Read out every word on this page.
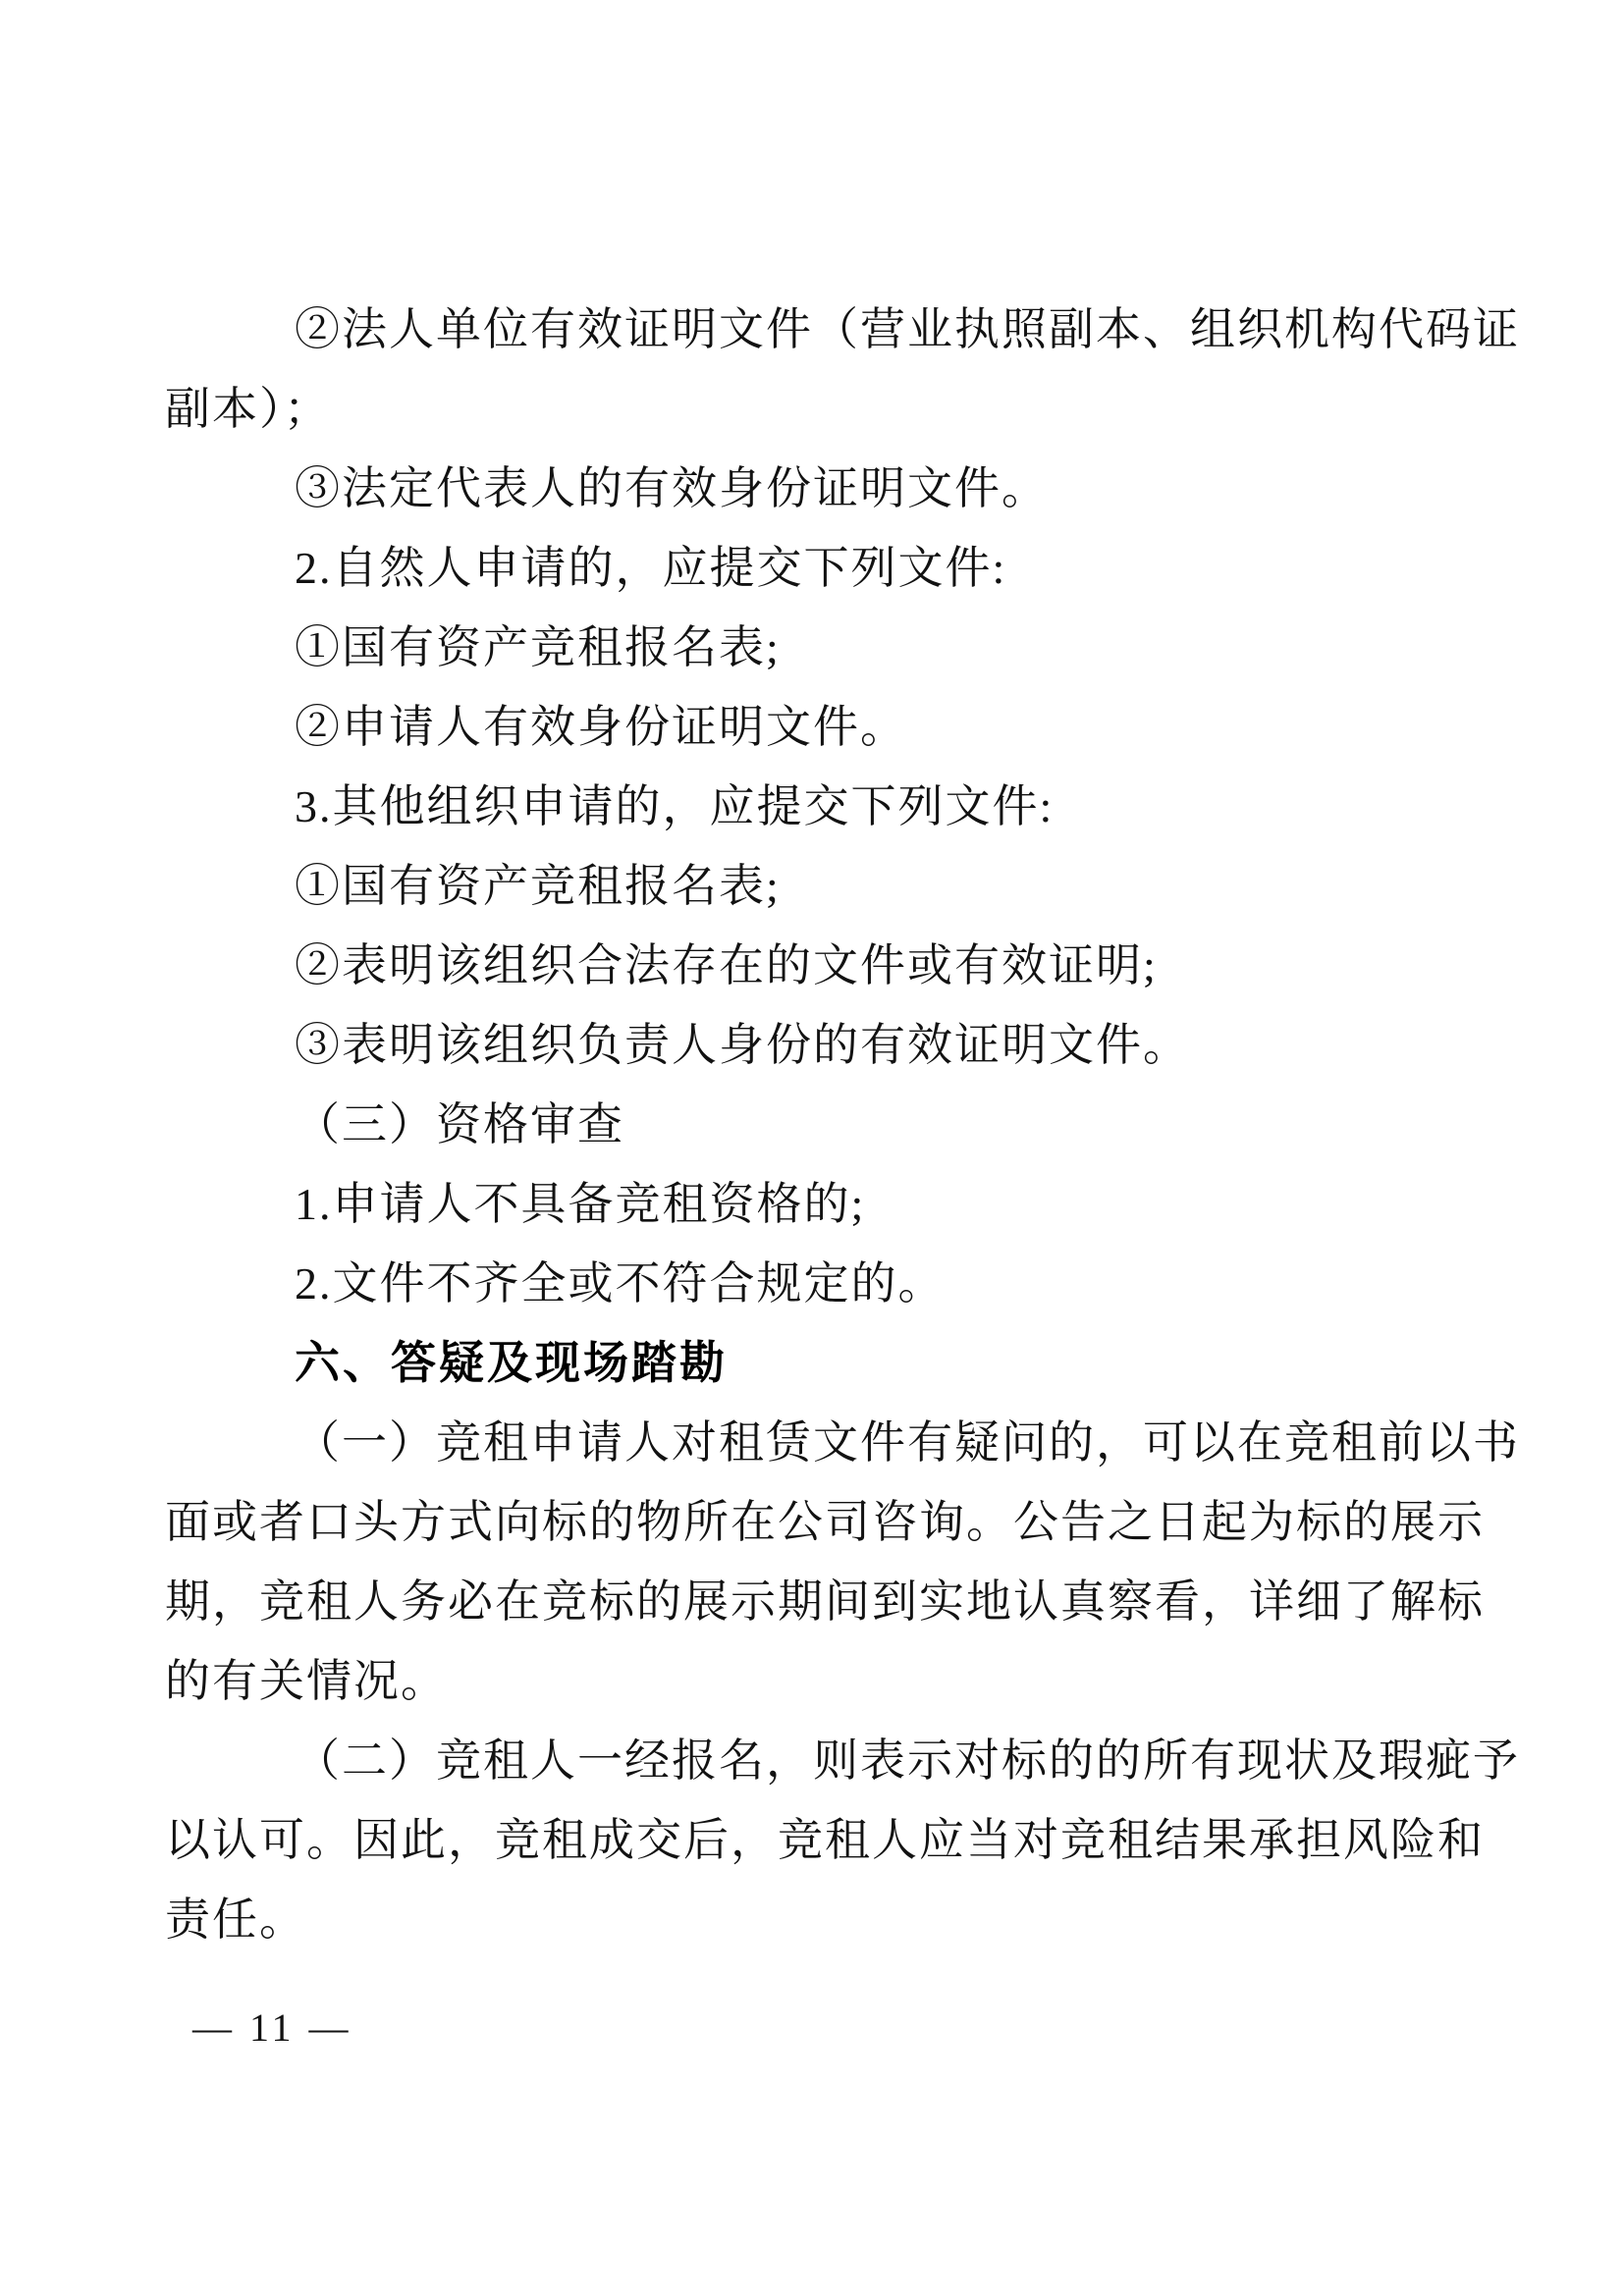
②法人单位有效证明文件（营业执照副本、组织机构代码证
副本）；
③法定代表人的有效身份证明文件。
2.自然人申请的，应提交下列文件:
①国有资产竞租报名表;
②申请人有效身份证明文件。
3.其他组织申请的，应提交下列文件:
①国有资产竞租报名表;
②表明该组织合法存在的文件或有效证明;
③表明该组织负责人身份的有效证明文件。
（三）资格审查
1.申请人不具备竞租资格的;
2.文件不齐全或不符合规定的。
六、答疑及现场踏勘
（一）竞租申请人对租赁文件有疑问的，可以在竞租前以书
面或者口头方式向标的物所在公司咨询。公告之日起为标的展示
期，竞租人务必在竞标的展示期间到实地认真察看，详细了解标
的有关情况。
（二）竞租人一经报名，则表示对标的的所有现状及瑕疵予
以认可。因此，竞租成交后，竞租人应当对竞租结果承担风险和
责任。
— 11 —
